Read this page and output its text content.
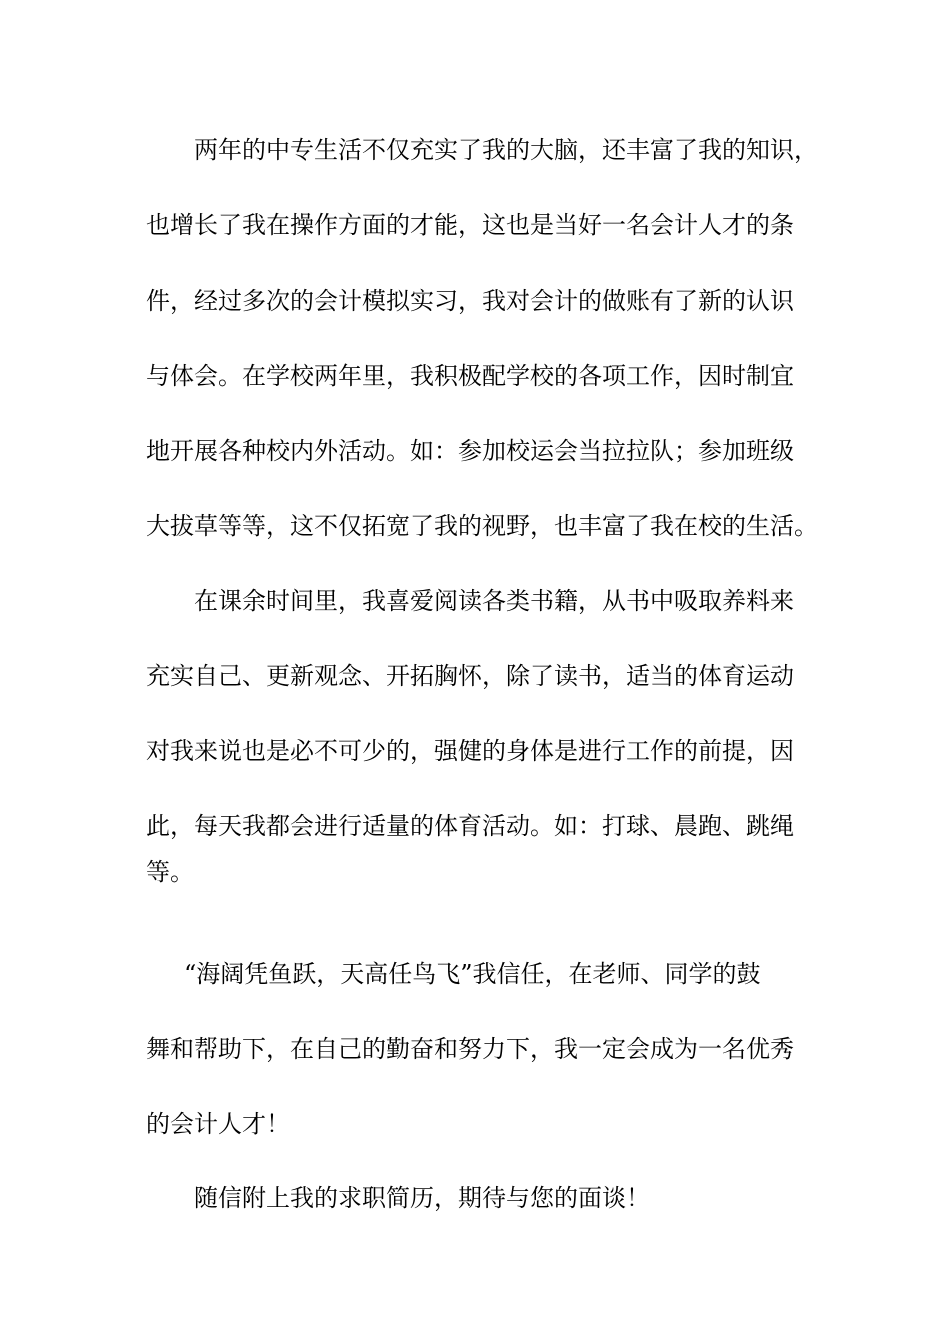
两年的中专生活不仅充实了我的大脑，还丰富了我的知识，

也增长了我在操作方面的才能，这也是当好一名会计人才的条

件，经过多次的会计模拟实习，我对会计的做账有了新的认识

与体会。在学校两年里，我积极配学校的各项工作，因时制宜

地开展各种校内外活动。如：参加校运会当拉拉队；参加班级

大拔草等等，这不仅拓宽了我的视野，也丰富了我在校的生活。

在课余时间里，我喜爱阅读各类书籍，从书中吸取养料来

充实自己、更新观念、开拓胸怀，除了读书，适当的体育运动

对我来说也是必不可少的，强健的身体是进行工作的前提，因

此，每天我都会进行适量的体育活动。如：打球、晨跑、跳绳

等。

“海阔凭鱼跃，天高任鸟飞”我信任，在老师、同学的鼓

舞和帮助下，在自己的勤奋和努力下，我一定会成为一名优秀

的会计人才！

随信附上我的求职简历，期待与您的面谈！
